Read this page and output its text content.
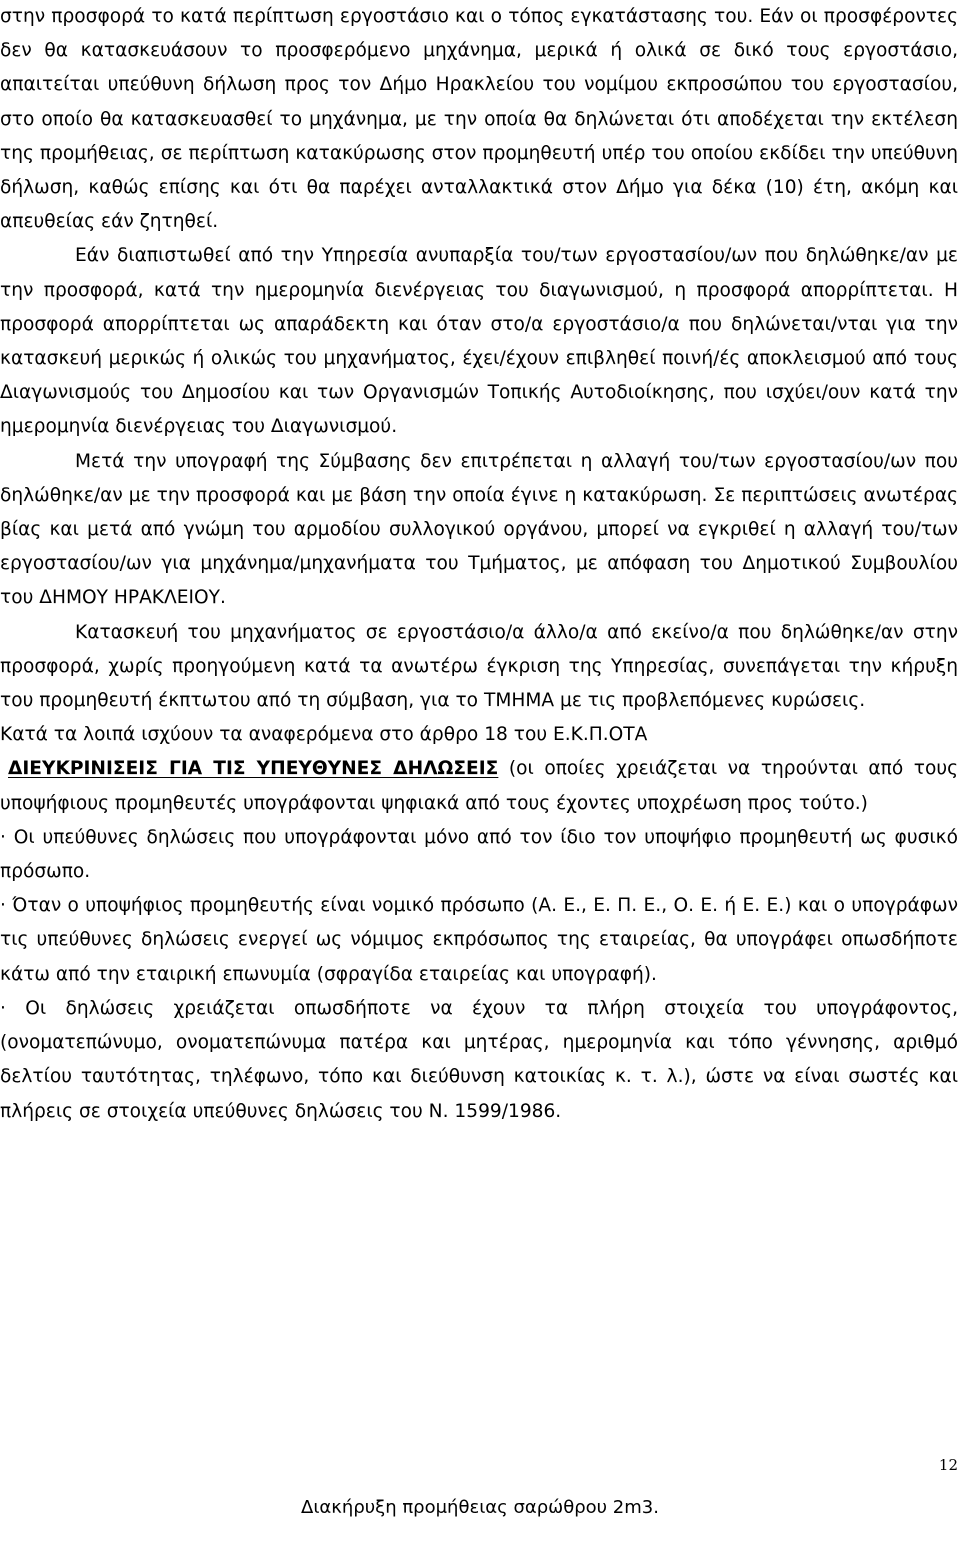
στην προσφορά το κατά περίπτωση εργοστάσιο και ο τόπος εγκατάστασης του. Εάν οι προσφέροντες δεν θα κατασκευάσουν το προσφερόμενο μηχάνημα, μερικά ή ολικά σε δικό τους εργοστάσιο, απαιτείται υπεύθυνη δήλωση προς τον Δήμο Ηρακλείου του νομίμου εκπροσώπου του εργοστασίου, στο οποίο θα κατασκευασθεί το μηχάνημα, με την οποία θα δηλώνεται ότι αποδέχεται την εκτέλεση της προμήθειας, σε περίπτωση κατακύρωσης στον προμηθευτή υπέρ του οποίου εκδίδει την υπεύθυνη δήλωση, καθώς επίσης και ότι θα παρέχει ανταλλακτικά στον Δήμο για δέκα (10) έτη, ακόμη και απευθείας εάν ζητηθεί.

Εάν διαπιστωθεί από την Υπηρεσία ανυπαρξία του/των εργοστασίου/ων που δηλώθηκε/αν με την προσφορά, κατά την ημερομηνία διενέργειας του διαγωνισμού, η προσφορά απορρίπτεται. Η προσφορά απορρίπτεται ως απαράδεκτη και όταν στο/α εργοστάσιο/α που δηλώνεται/νται για την κατασκευή μερικώς ή ολικώς του μηχανήματος, έχει/έχουν επιβληθεί ποινή/ές αποκλεισμού από τους Διαγωνισμούς του Δημοσίου και των Οργανισμών Τοπικής Αυτοδιοίκησης, που ισχύει/ουν κατά την ημερομηνία διενέργειας του Διαγωνισμού.

Μετά την υπογραφή της Σύμβασης δεν επιτρέπεται η αλλαγή του/των εργοστασίου/ων που δηλώθηκε/αν με την προσφορά και με βάση την οποία έγινε η κατακύρωση. Σε περιπτώσεις ανωτέρας βίας και μετά από γνώμη του αρμοδίου συλλογικού οργάνου, μπορεί να εγκριθεί η αλλαγή του/των εργοστασίου/ων για μηχάνημα/μηχανήματα του Τμήματος, με απόφαση του Δημοτικού Συμβουλίου του ΔΗΜΟΥ ΗΡΑΚΛΕΙΟΥ.

Κατασκευή του μηχανήματος σε εργοστάσιο/α άλλο/α από εκείνο/α που δηλώθηκε/αν στην προσφορά, χωρίς προηγούμενη κατά τα ανωτέρω έγκριση της Υπηρεσίας, συνεπάγεται την κήρυξη του προμηθευτή έκπτωτου από τη σύμβαση, για το ΤΜΗΜΑ με τις προβλεπόμενες κυρώσεις.

Κατά τα λοιπά ισχύουν τα αναφερόμενα στο άρθρο 18 του Ε.Κ.Π.ΟΤΑ

ΔΙΕΥΚΡΙΝΙΣΕΙΣ ΓΙΑ ΤΙΣ ΥΠΕΥΘΥΝΕΣ ΔΗΛΩΣΕΙΣ (οι οποίες χρειάζεται να τηρούνται από τους υποψήφιους προμηθευτές υπογράφονται ψηφιακά από τους έχοντες υποχρέωση προς τούτο.)

· Οι υπεύθυνες δηλώσεις που υπογράφονται μόνο από τον ίδιο τον υποψήφιο προμηθευτή ως φυσικό πρόσωπο.

· Όταν ο υποψήφιος προμηθευτής είναι νομικό πρόσωπο (Α. Ε., Ε. Π. Ε., Ο. Ε. ή Ε. Ε.) και ο υπογράφων τις υπεύθυνες δηλώσεις ενεργεί ως νόμιμος εκπρόσωπος της εταιρείας, θα υπογράφει οπωσδήποτε κάτω από την εταιρική επωνυμία (σφραγίδα εταιρείας και υπογραφή).

· Οι δηλώσεις χρειάζεται οπωσδήποτε να έχουν τα πλήρη στοιχεία του υπογράφοντος, (ονοματεπώνυμο, ονοματεπώνυμα πατέρα και μητέρας, ημερομηνία και τόπο γέννησης, αριθμό δελτίου ταυτότητας, τηλέφωνο, τόπο και διεύθυνση κατοικίας κ. τ. λ.), ώστε να είναι σωστές και πλήρεις σε στοιχεία υπεύθυνες δηλώσεις του Ν. 1599/1986.

12
Διακήρυξη προμήθειας σαρώθρου 2m3.
